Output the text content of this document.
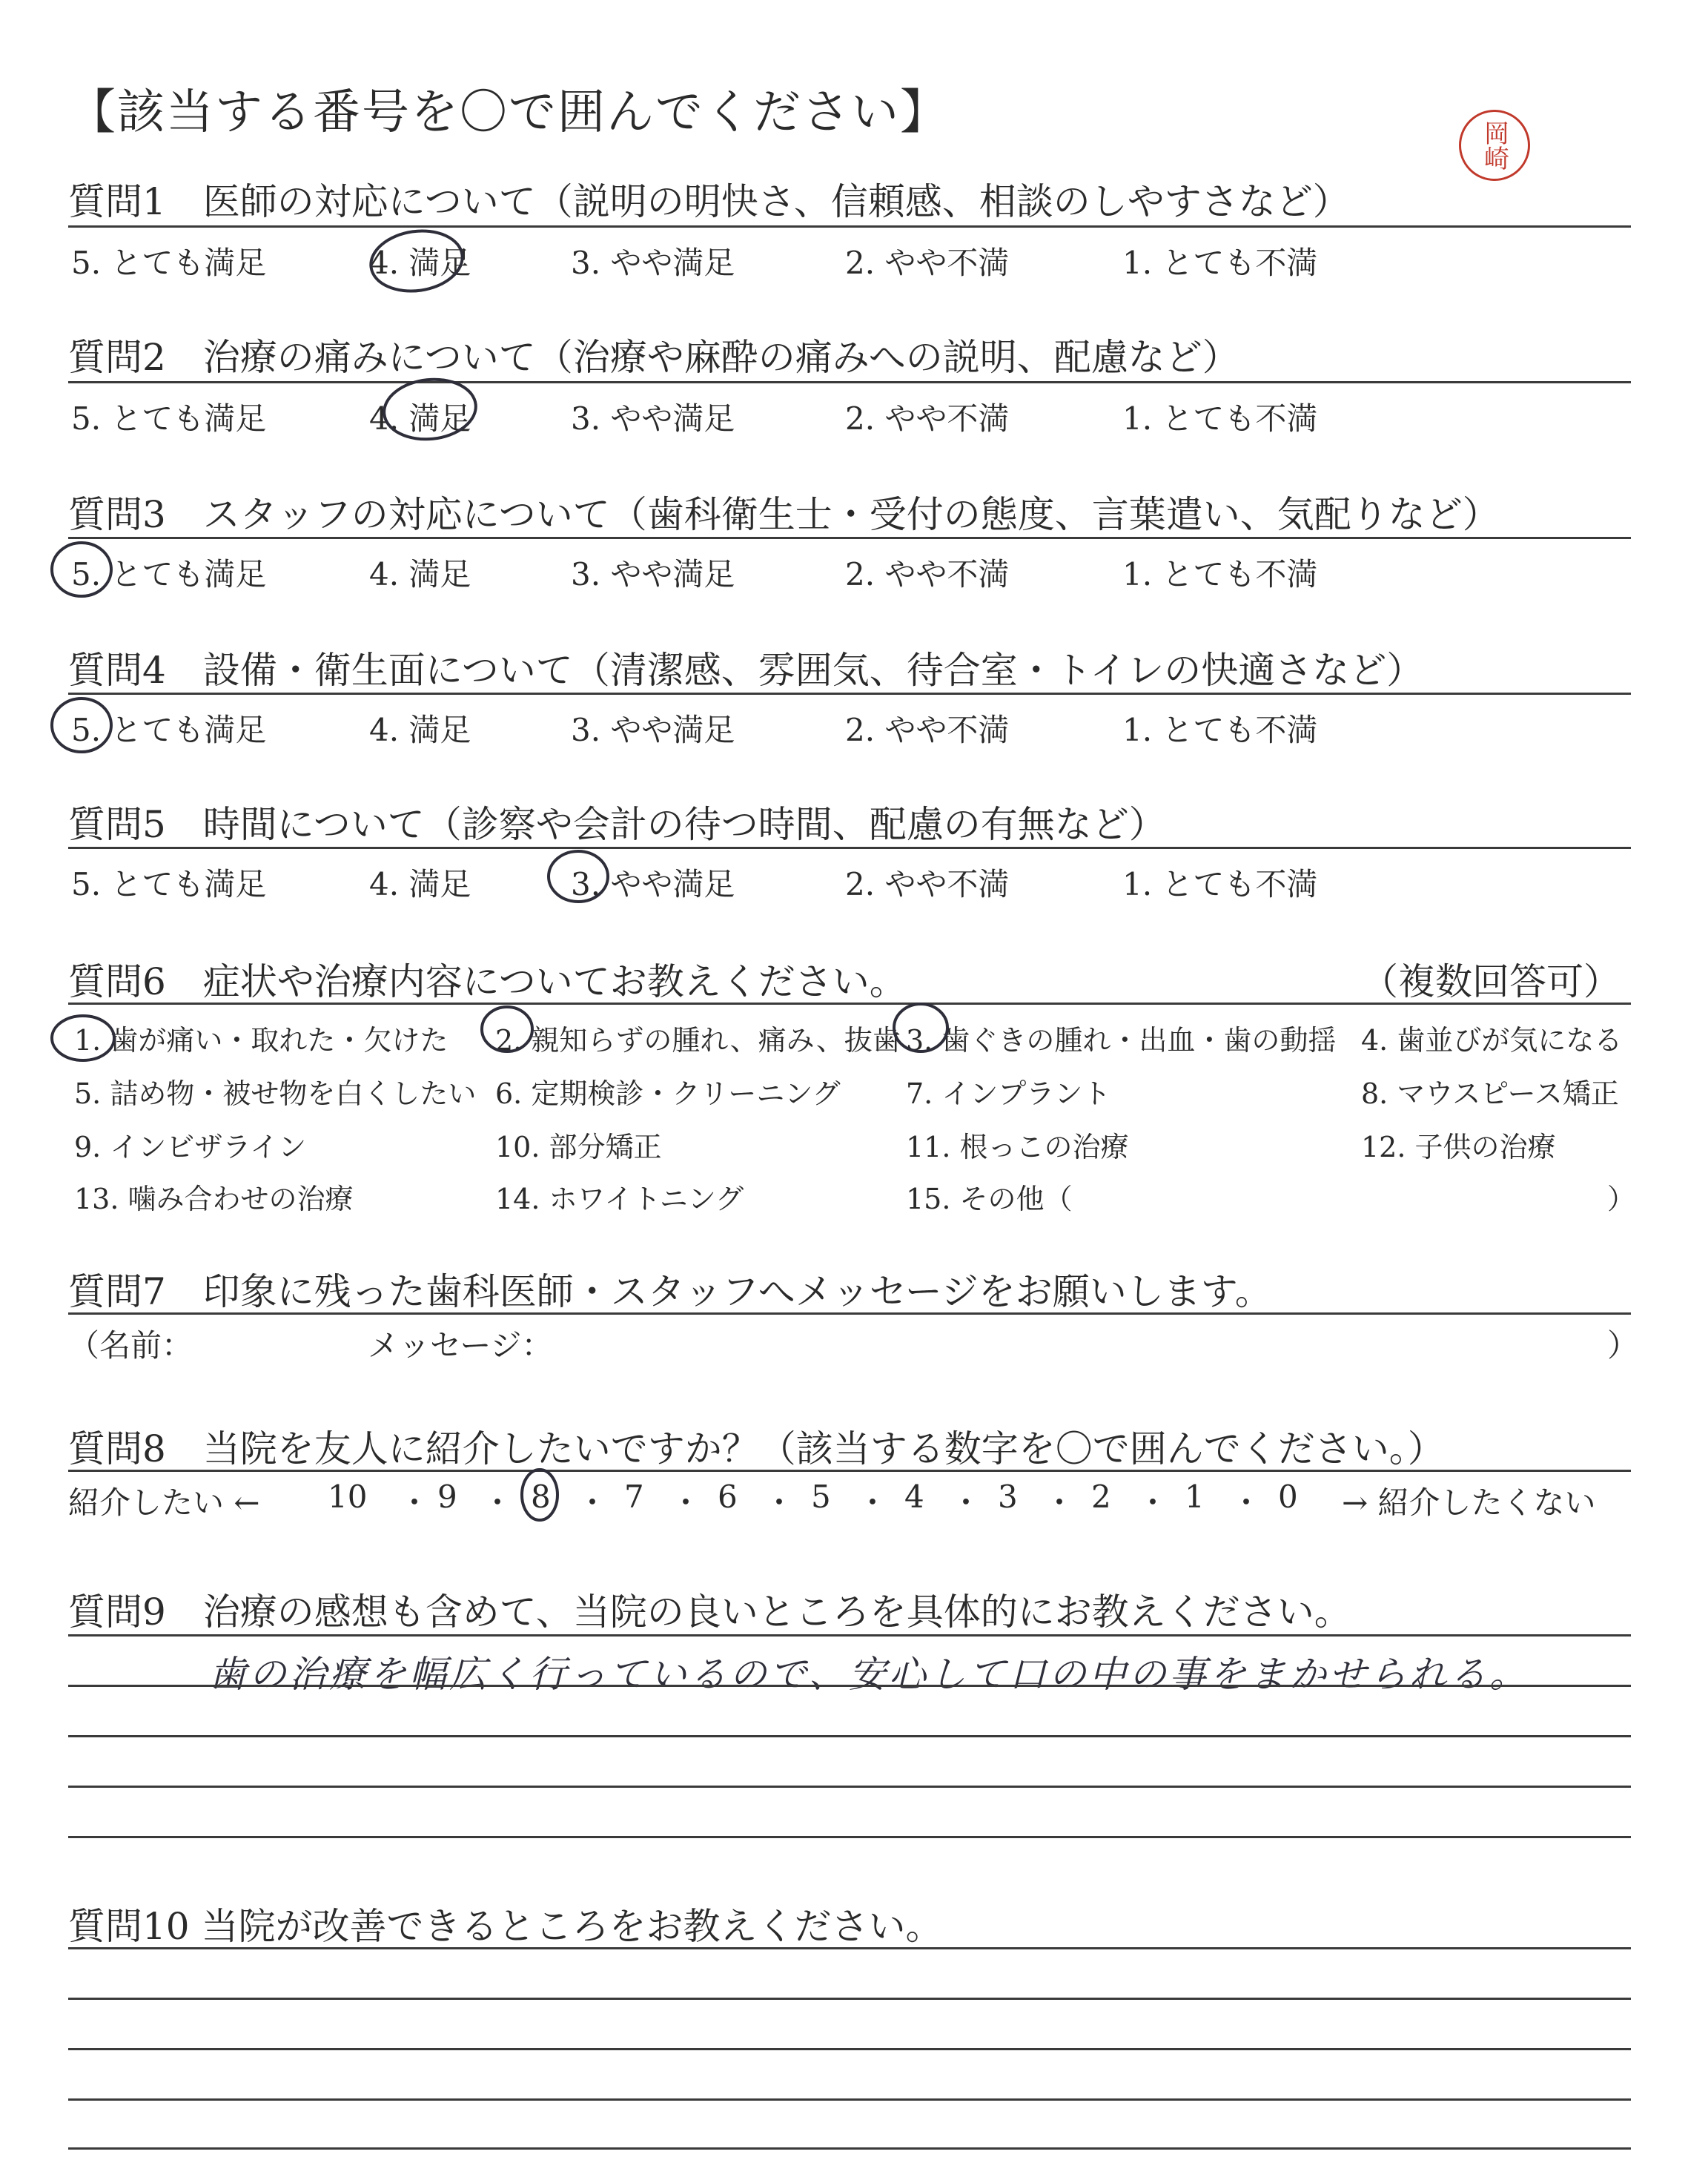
【該当する番号を〇で囲んでください】
岡崎
質問1　医師の対応について（説明の明快さ、信頼感、相談のしやすさなど）
5. とても満足	4. 満足	3. やや満足	2. やや不満	1. とても不満
質問2　治療の痛みについて（治療や麻酔の痛みへの説明、配慮など）
5. とても満足	4. 満足	3. やや満足	2. やや不満	1. とても不満
質問3　スタッフの対応について（歯科衛生士・受付の態度、言葉遣い、気配りなど）
5. とても満足	4. 満足	3. やや満足	2. やや不満	1. とても不満
質問4　設備・衛生面について（清潔感、雰囲気、待合室・トイレの快適さなど）
5. とても満足	4. 満足	3. やや満足	2. やや不満	1. とても不満
質問5　時間について（診察や会計の待つ時間、配慮の有無など）
5. とても満足	4. 満足	3. やや満足	2. やや不満	1. とても不満
質問6　症状や治療内容についてお教えください。	（複数回答可）
1. 歯が痛い・取れた・欠けた 2. 親知らずの腫れ、痛み、抜歯 3. 歯ぐきの腫れ・出血・歯の動揺 4. 歯並びが気になる
5. 詰め物・被せ物を白くしたい 6. 定期検診・クリーニング 7. インプラント	8. マウスピース矯正
9. インビザライン	10. 部分矯正	11. 根っこの治療	12. 子供の治療
13. 噛み合わせの治療	14. ホワイトニング	15. その他（	）
質問7　印象に残った歯科医師・スタッフへメッセージをお願いします。
（名前：	メッセージ：	）
質問8　当院を友人に紹介したいですか？（該当する数字を〇で囲んでください。）
紹介したい ← 10 ・ 9 ・ 8 ・ 7 ・ 6 ・ 5 ・ 4 ・ 3 ・ 2 ・ 1 ・ 0 → 紹介したくない
質問9　治療の感想も含めて、当院の良いところを具体的にお教えください。
歯の治療を幅広く行っているので、安心して口の中の事をまかせられる。
質問10 当院が改善できるところをお教えください。
